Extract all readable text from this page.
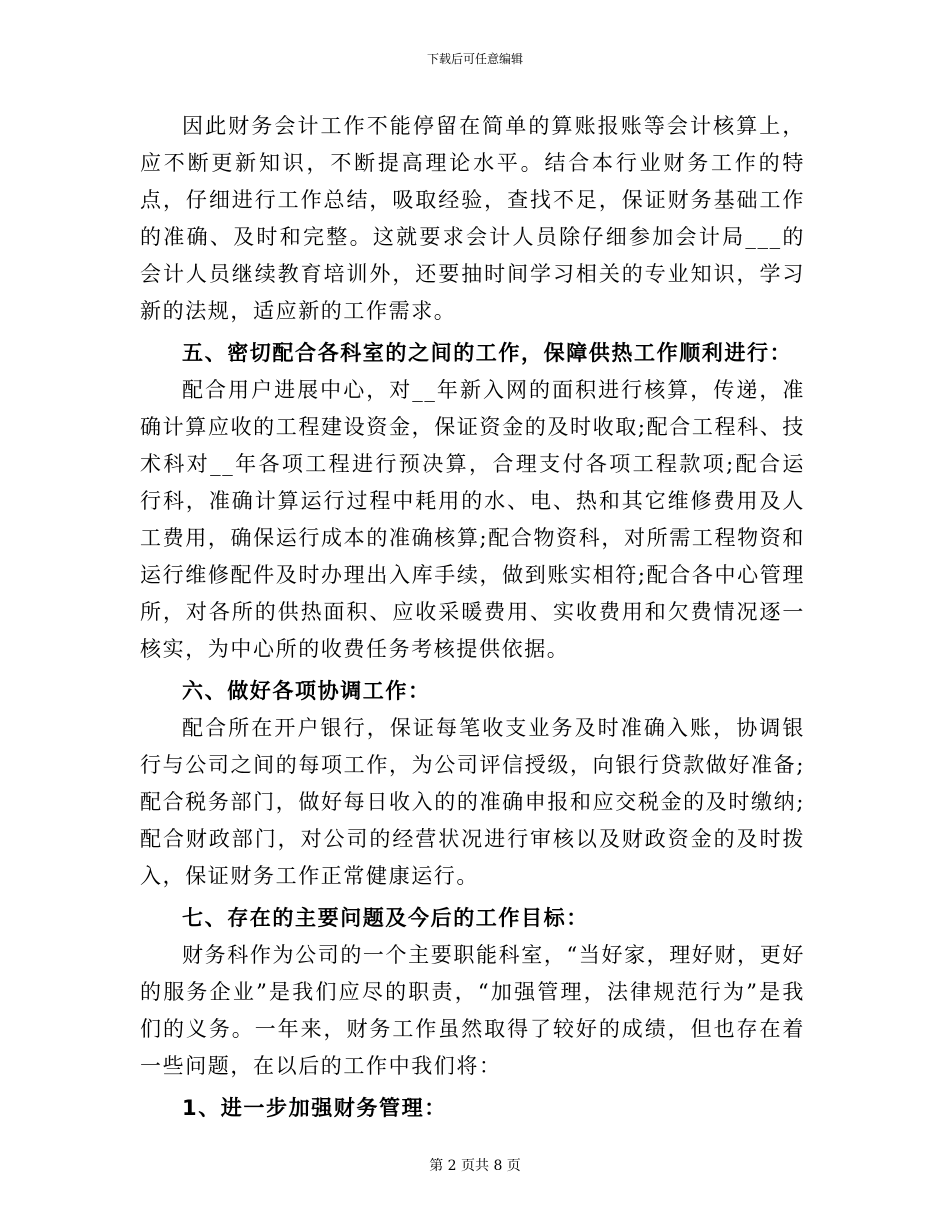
下载后可任意编辑

因此财务会计工作不能停留在简单的算账报账等会计核算上，应不断更新知识，不断提高理论水平。结合本行业财务工作的特点，仔细进行工作总结，吸取经验，查找不足，保证财务基础工作的准确、及时和完整。这就要求会计人员除仔细参加会计局___的会计人员继续教育培训外，还要抽时间学习相关的专业知识，学习新的法规，适应新的工作需求。

五、密切配合各科室的之间的工作，保障供热工作顺利进行：

配合用户进展中心，对__年新入网的面积进行核算，传递，准确计算应收的工程建设资金，保证资金的及时收取;配合工程科、技术科对__年各项工程进行预决算，合理支付各项工程款项;配合运行科，准确计算运行过程中耗用的水、电、热和其它维修费用及人工费用，确保运行成本的准确核算;配合物资科，对所需工程物资和运行维修配件及时办理出入库手续，做到账实相符;配合各中心管理所，对各所的供热面积、应收采暖费用、实收费用和欠费情况逐一核实，为中心所的收费任务考核提供依据。

六、做好各项协调工作：

配合所在开户银行，保证每笔收支业务及时准确入账，协调银行与公司之间的每项工作，为公司评信授级，向银行贷款做好准备;配合税务部门，做好每日收入的的准确申报和应交税金的及时缴纳;配合财政部门，对公司的经营状况进行审核以及财政资金的及时拨入，保证财务工作正常健康运行。

七、存在的主要问题及今后的工作目标：

财务科作为公司的一个主要职能科室，“当好家，理好财，更好的服务企业”是我们应尽的职责，“加强管理，法律规范行为”是我们的义务。一年来，财务工作虽然取得了较好的成绩，但也存在着一些问题，在以后的工作中我们将：

1、进一步加强财务管理：

第 2 页共 8 页
